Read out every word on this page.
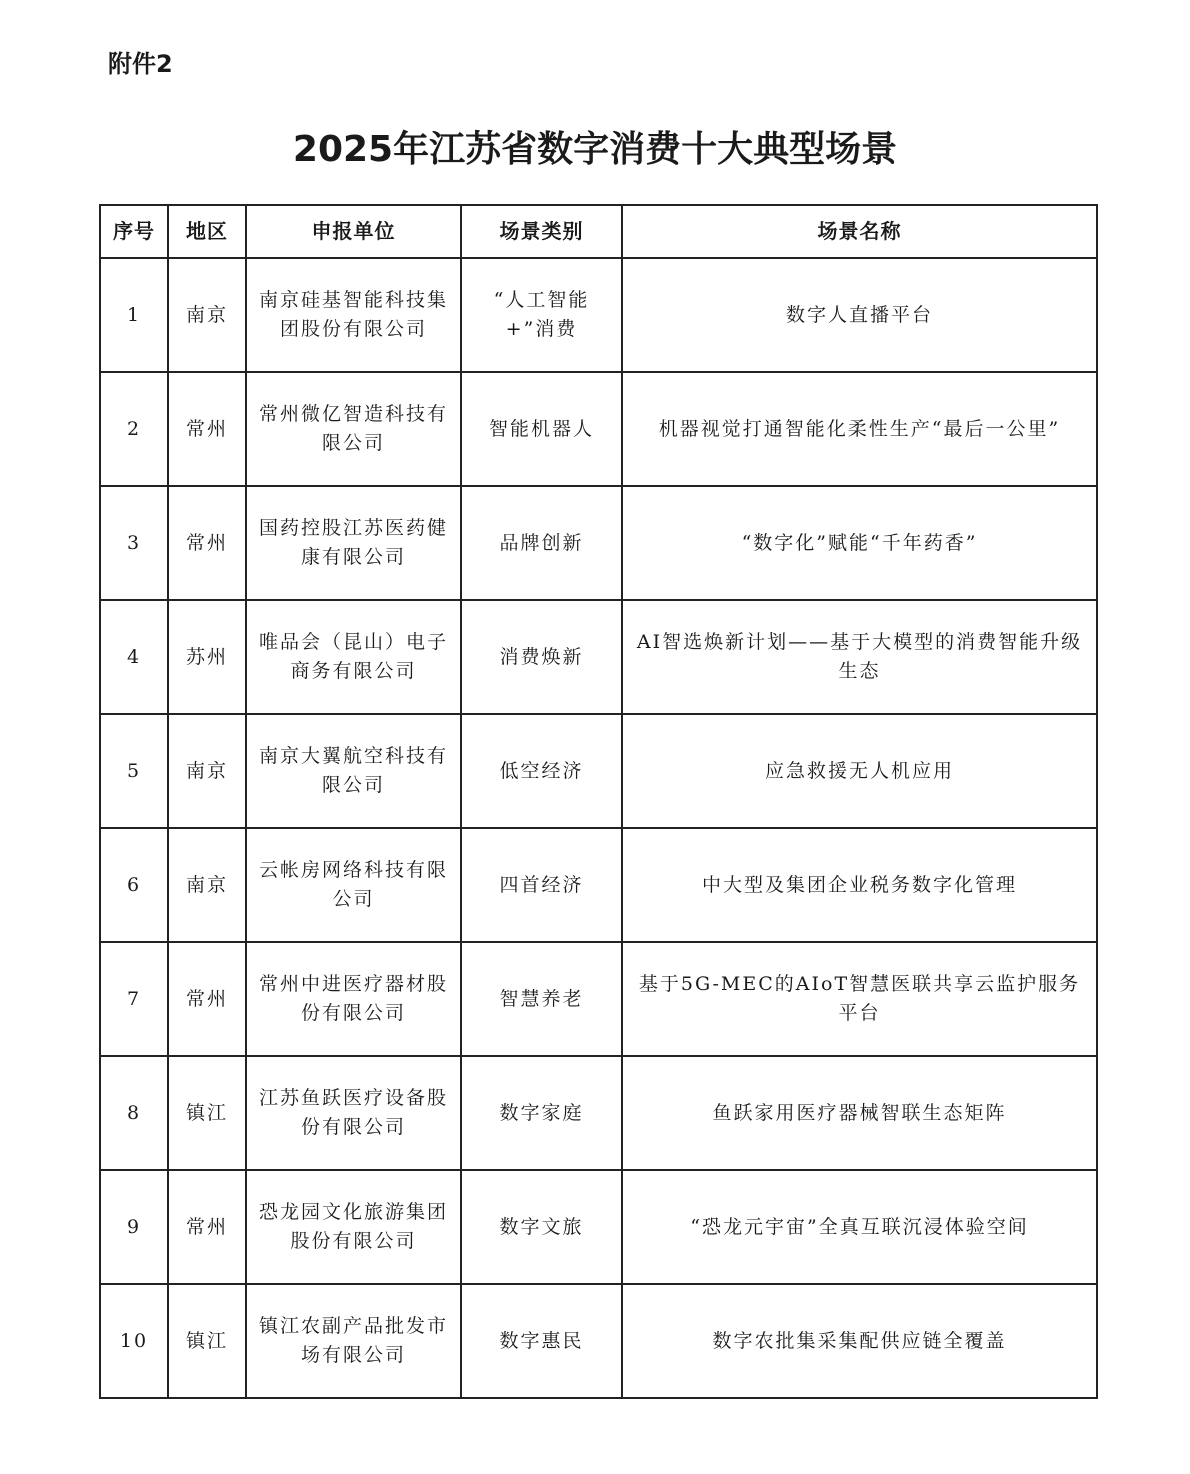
附件2

2025年江苏省数字消费十大典型场景
序号	地区	申报单位	场景类别	场景名称
1	南京	南京硅基智能科技集团股份有限公司	“人工智能+”消费	数字人直播平台
2	常州	常州微亿智造科技有限公司	智能机器人	机器视觉打通智能化柔性生产“最后一公里”
3	常州	国药控股江苏医药健康有限公司	品牌创新	“数字化”赋能“千年药香”
4	苏州	唯品会（昆山）电子商务有限公司	消费焕新	AI智选焕新计划——基于大模型的消费智能升级生态
5	南京	南京大翼航空科技有限公司	低空经济	应急救援无人机应用
6	南京	云帐房网络科技有限公司	四首经济	中大型及集团企业税务数字化管理
7	常州	常州中进医疗器材股份有限公司	智慧养老	基于5G-MEC的AIoT智慧医联共享云监护服务平台
8	镇江	江苏鱼跃医疗设备股份有限公司	数字家庭	鱼跃家用医疗器械智联生态矩阵
9	常州	恐龙园文化旅游集团股份有限公司	数字文旅	“恐龙元宇宙”全真互联沉浸体验空间
10	镇江	镇江农副产品批发市场有限公司	数字惠民	数字农批集采集配供应链全覆盖
